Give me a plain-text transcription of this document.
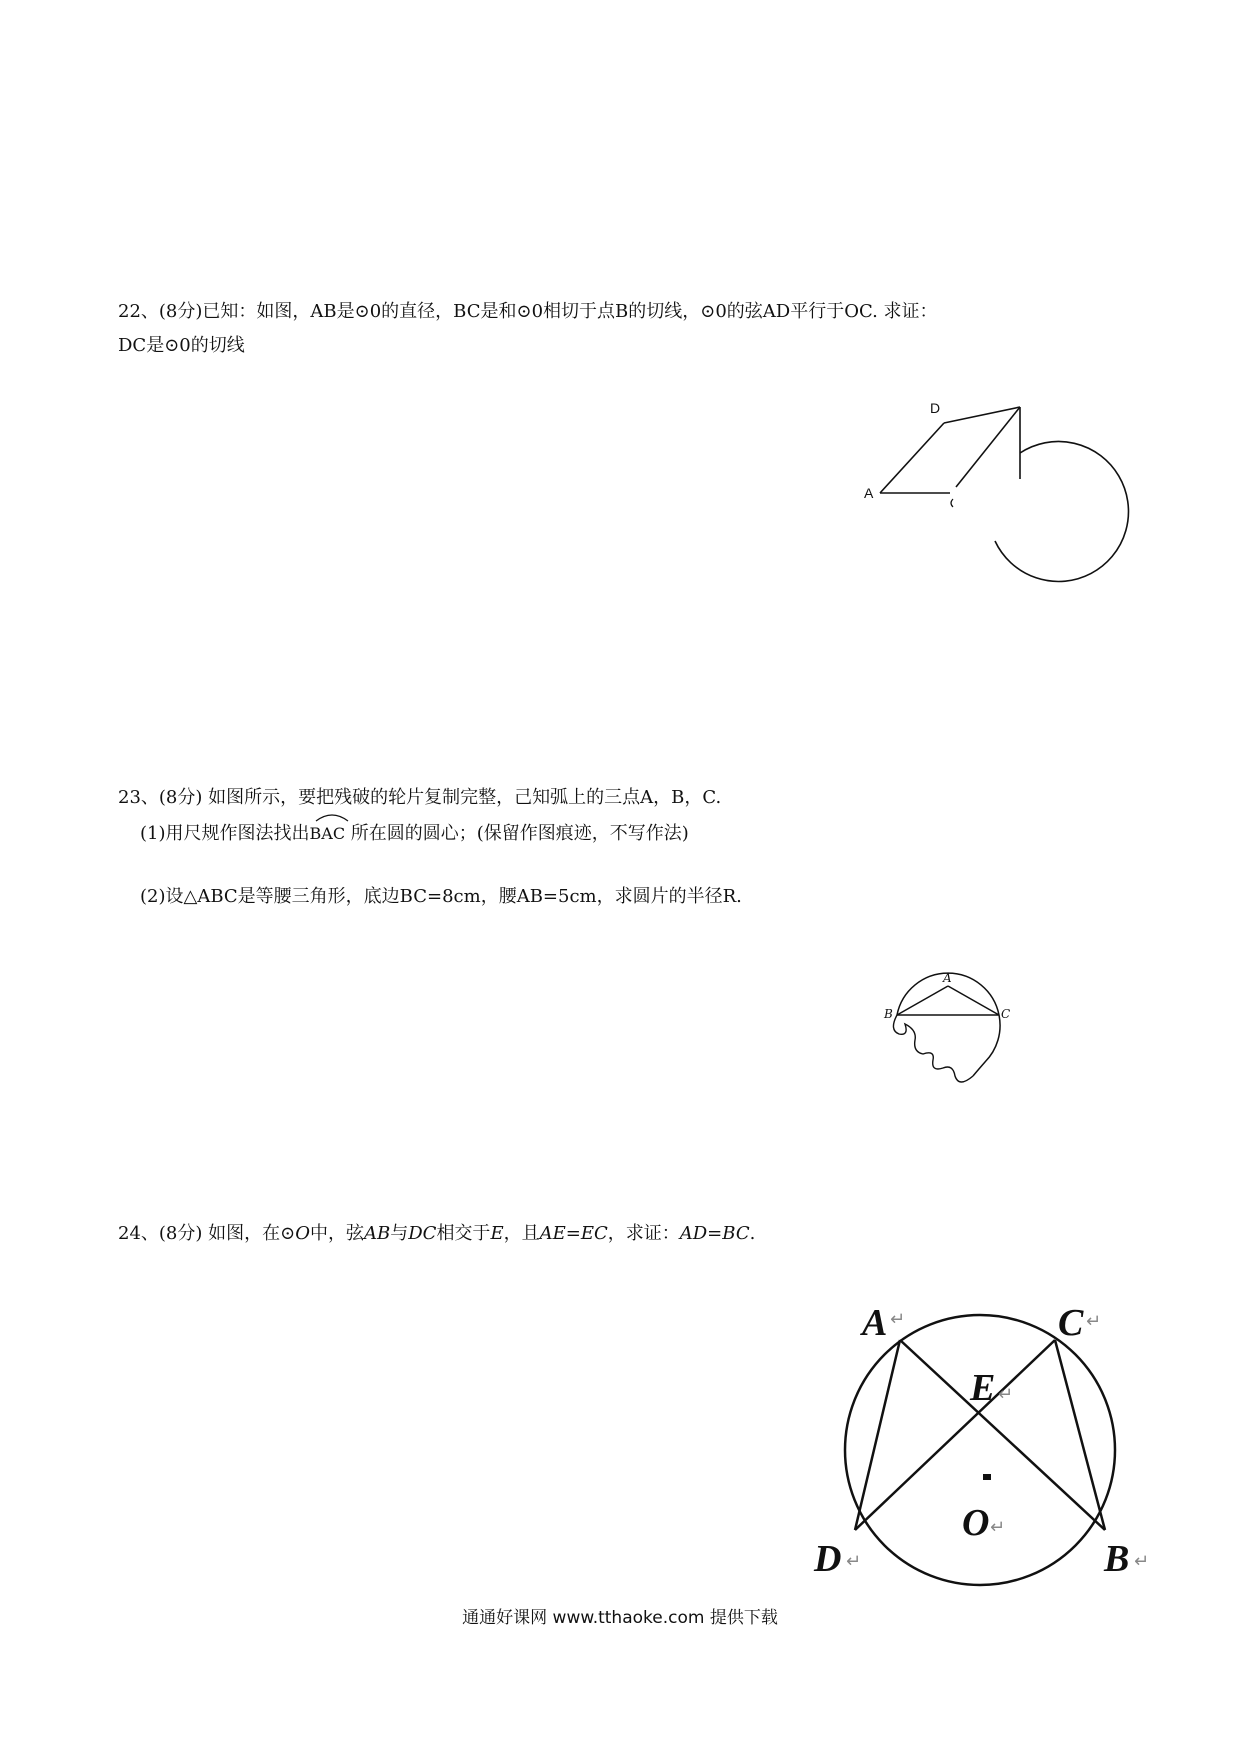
22、(8分)已知：如图，AB是⊙0的直径，BC是和⊙0相切于点B的切线，⊙0的弦AD平行于OC. 求证：
DC是⊙0的切线
D
A
23、(8分) 如图所示，要把残破的轮片复制完整，己知弧上的三点A，B，C.
(1)用尺规作图法找出
BAC 所在圆的圆心；(保留作图痕迹，不写作法)
(2)设△ABC是等腰三角形，底边BC=8cm，腰AB=5cm，求圆片的半径R.
A
B	C
24、(8分) 如图，在⊙O中，弦AB与DC相交于E，且AE=EC，求证：AD=BC.
A ↵	C ↵
E ↵
O ↵
D ↵	B ↵
通通好课网 www.tthaoke.com 提供下载
